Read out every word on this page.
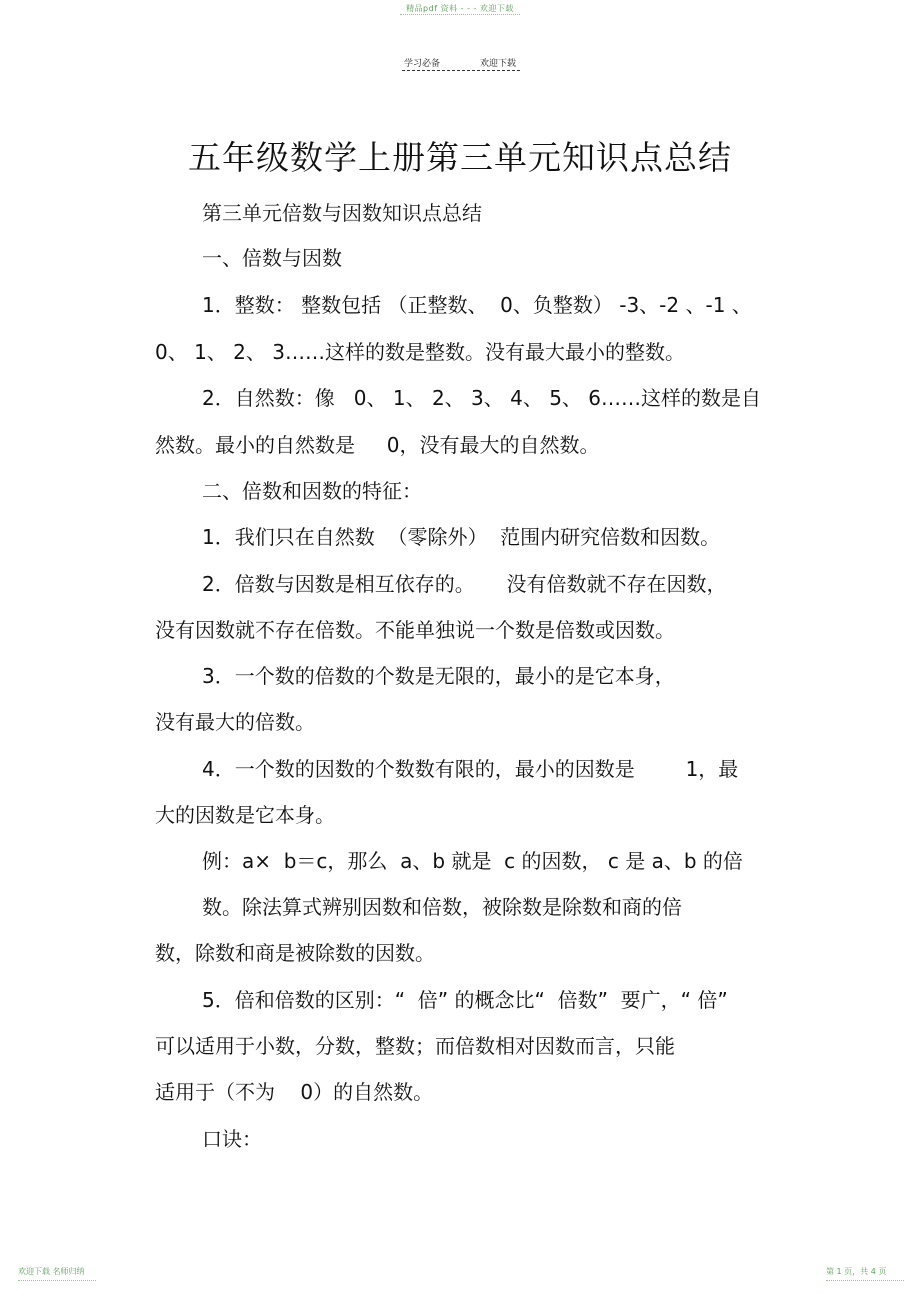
精品pdf 资料 - - - 欢迎下载
学习必备	欢迎下载
五年级数学上册第三单元知识点总结
第三单元倍数与因数知识点总结
一、倍数与因数
1．整数： 整数包括 （正整数、  0、负整数） -3、-2 、-1 、
0、 1、 2、 3……这样的数是整数。没有最大最小的整数。
2．自然数：像   0、 1、 2、 3、 4、 5、 6……这样的数是自
然数。最小的自然数是     0，没有最大的自然数。
二、倍数和因数的特征：
1．我们只在自然数  （零除外）  范围内研究倍数和因数。
2．倍数与因数是相互依存的。     没有倍数就不存在因数，
没有因数就不存在倍数。不能单独说一个数是倍数或因数。
3．一个数的倍数的个数是无限的，最小的是它本身，
没有最大的倍数。
4．一个数的因数的个数数有限的，最小的因数是        1，最
大的因数是它本身。
例：a×  b＝c，那么  a、b 就是  c 的因数， c 是 a、b 的倍
数。除法算式辨别因数和倍数，被除数是除数和商的倍
数，除数和商是被除数的因数。
5．倍和倍数的区别：“  倍” 的概念比“  倍数”  要广，“ 倍”
可以适用于小数，分数，整数；而倍数相对因数而言，只能
适用于（不为    0）的自然数。
口诀：
欢迎下载 名师归纳	第 1 页，共 4 页
